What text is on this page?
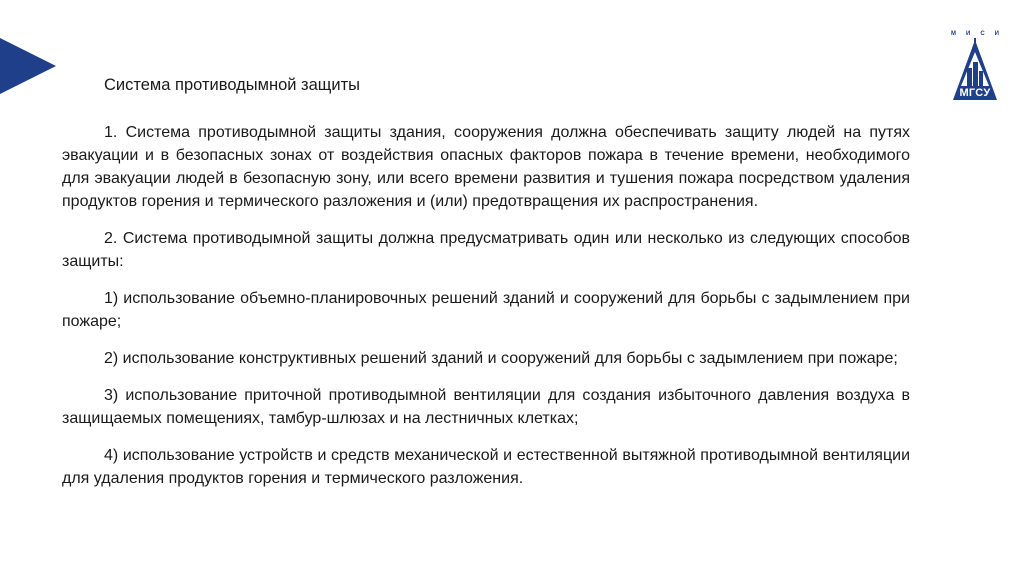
М И С И
МГСУ
Система противодымной защиты

1. Система противодымной защиты здания, сооружения должна обеспечивать защиту людей на путях эвакуации и в безопасных зонах от воздействия опасных факторов пожара в течение времени, необходимого для эвакуации людей в безопасную зону, или всего времени развития и тушения пожара посредством удаления продуктов горения и термического разложения и (или) предотвращения их распространения.

2. Система противодымной защиты должна предусматривать один или несколько из следующих способов защиты:

1) использование объемно-планировочных решений зданий и сооружений для борьбы с задымлением при пожаре;

2) использование конструктивных решений зданий и сооружений для борьбы с задымлением при пожаре;

3) использование приточной противодымной вентиляции для создания избыточного давления воздуха в защищаемых помещениях, тамбур-шлюзах и на лестничных клетках;

4) использование устройств и средств механической и естественной вытяжной противодымной вентиляции для удаления продуктов горения и термического разложения.
